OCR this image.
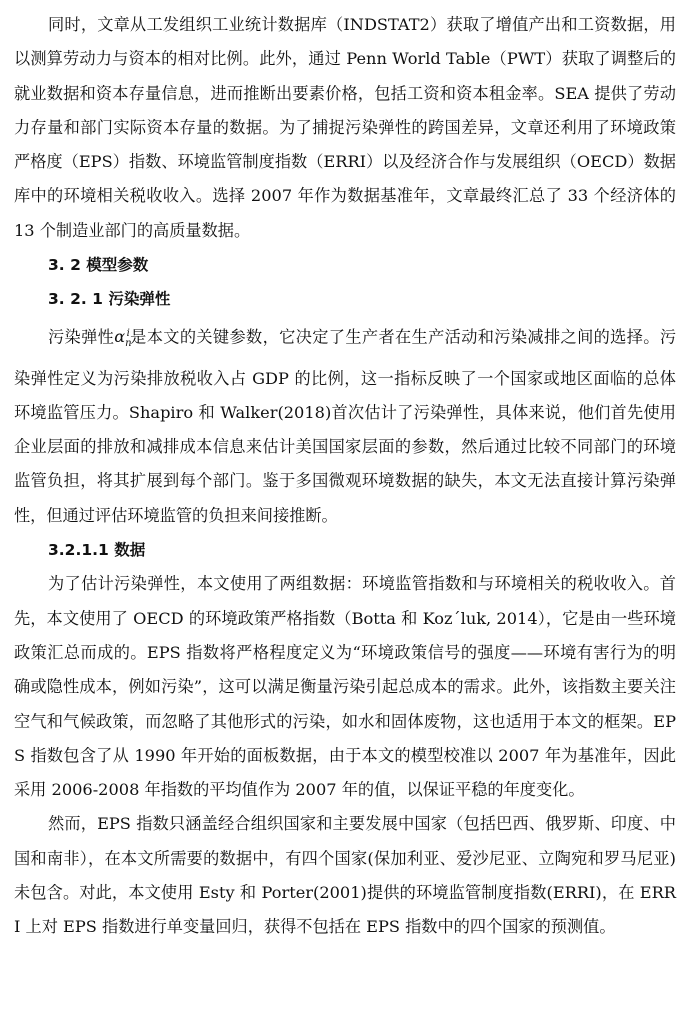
同时，文章从工发组织工业统计数据库（INDSTAT2）获取了增值产出和工资数据，用以测算劳动力与资本的相对比例。此外，通过 Penn World Table（PWT）获取了调整后的就业数据和资本存量信息，进而推断出要素价格，包括工资和资本租金率。SEA 提供了劳动力存量和部门实际资本存量的数据。为了捕捉污染弹性的跨国差异，文章还利用了环境政策严格度（EPS）指数、环境监管制度指数（ERRI）以及经济合作与发展组织（OECD）数据库中的环境相关税收收入。选择 2007 年作为数据基准年，文章最终汇总了 33 个经济体的 13 个制造业部门的高质量数据。

3. 2 模型参数
3. 2. 1 污染弹性

污染弹性$\alpha_n^i$是本文的关键参数，它决定了生产者在生产活动和污染减排之间的选择。污染弹性定义为污染排放税收入占 GDP 的比例，这一指标反映了一个国家或地区面临的总体环境监管压力。Shapiro 和 Walker(2018)首次估计了污染弹性，具体来说，他们首先使用企业层面的排放和减排成本信息来估计美国国家层面的参数，然后通过比较不同部门的环境监管负担，将其扩展到每个部门。鉴于多国微观环境数据的缺失，本文无法直接计算污染弹性，但通过评估环境监管的负担来间接推断。

3.2.1.1 数据

为了估计污染弹性，本文使用了两组数据：环境监管指数和与环境相关的税收收入。首先，本文使用了 OECD 的环境政策严格指数（Botta 和 Koz´luk, 2014），它是由一些环境政策汇总而成的。EPS 指数将严格程度定义为“环境政策信号的强度——环境有害行为的明确或隐性成本，例如污染”，这可以满足衡量污染引起总成本的需求。此外，该指数主要关注空气和气候政策，而忽略了其他形式的污染，如水和固体废物，这也适用于本文的框架。EPS 指数包含了从 1990 年开始的面板数据，由于本文的模型校准以 2007 年为基准年，因此采用 2006-2008 年指数的平均值作为 2007 年的值，以保证平稳的年度变化。

然而，EPS 指数只涵盖经合组织国家和主要发展中国家（包括巴西、俄罗斯、印度、中国和南非），在本文所需要的数据中，有四个国家(保加利亚、爱沙尼亚、立陶宛和罗马尼亚)未包含。对此，本文使用 Esty 和 Porter(2001)提供的环境监管制度指数(ERRI)，在 ERRI 上对 EPS 指数进行单变量回归，获得不包括在 EPS 指数中的四个国家的预测值。
